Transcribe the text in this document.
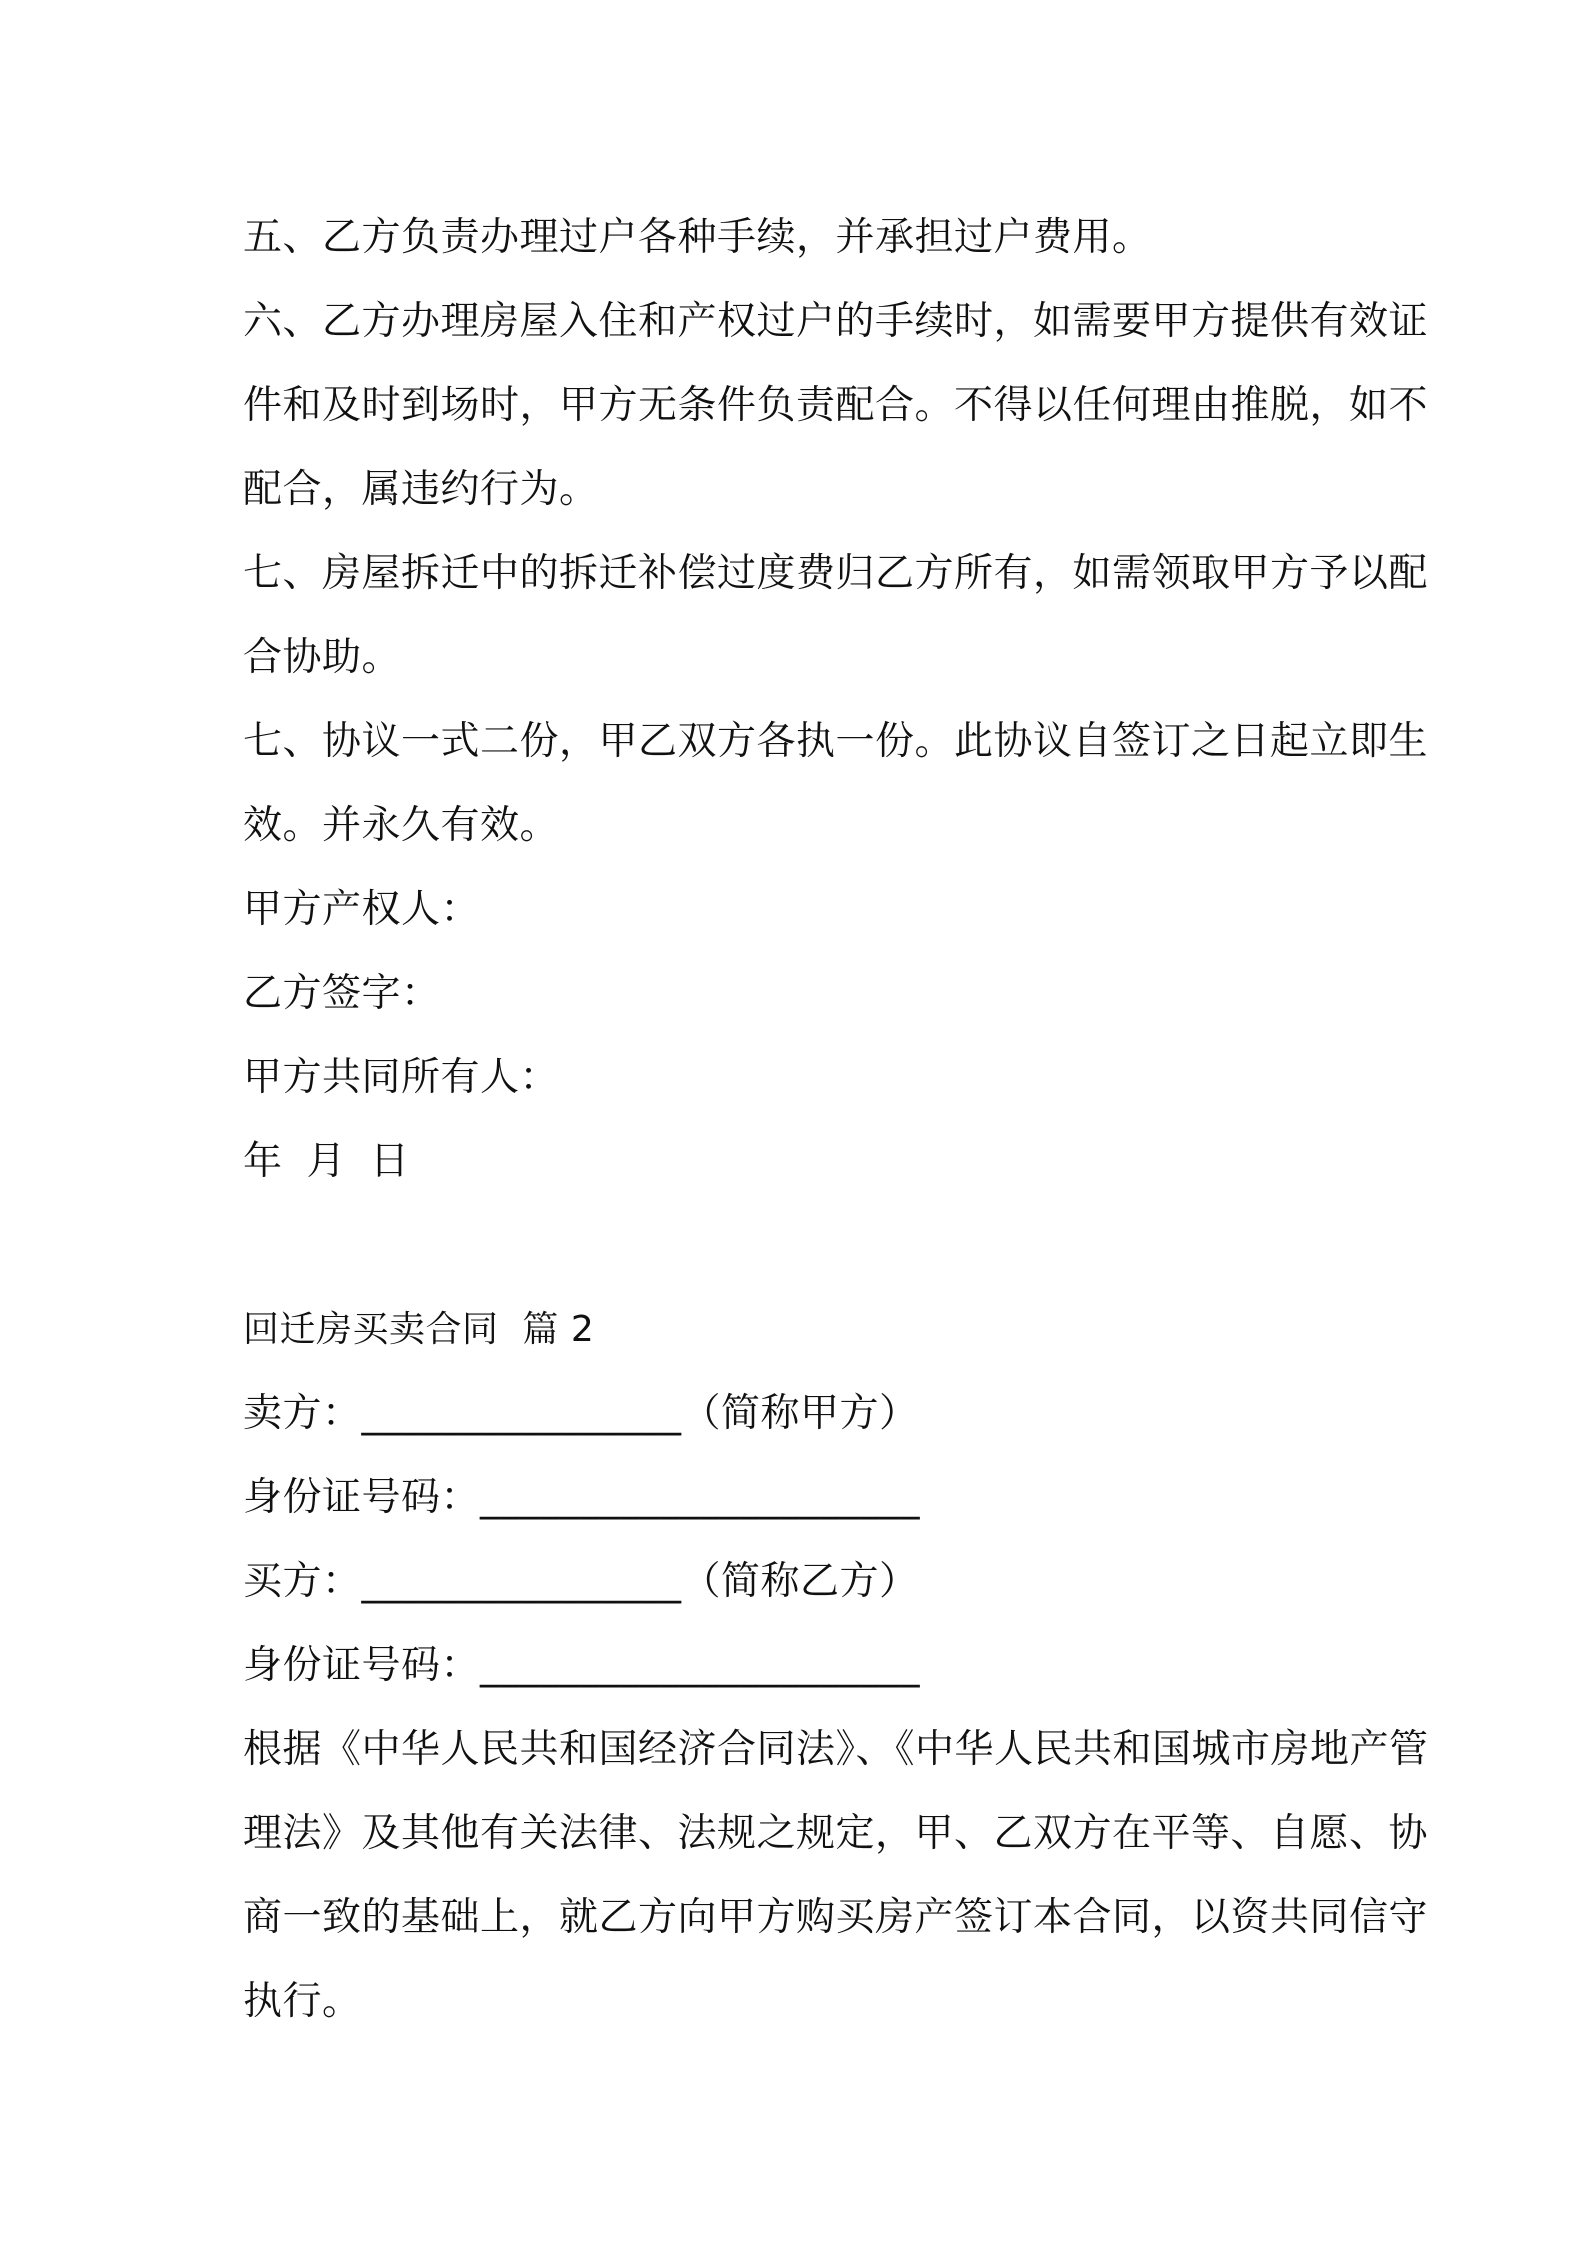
五、乙方负责办理过户各种手续，并承担过户费用。
六、乙方办理房屋入住和产权过户的手续时，如需要甲方提供有效证
件和及时到场时，甲方无条件负责配合。不得以任何理由推脱，如不
配合，属违约行为。
七、房屋拆迁中的拆迁补偿过度费归乙方所有，如需领取甲方予以配
合协助。
七、协议一式二份，甲乙双方各执一份。此协议自签订之日起立即生
效。并永久有效。
甲方产权人：
乙方签字：
甲方共同所有人：
年 月 日
回迁房买卖合同  篇 2
卖方：________________（简称甲方）
身份证号码：______________________
买方：________________（简称乙方）
身份证号码：______________________
根据《中华人民共和国经济合同法》、《中华人民共和国城市房地产管
理法》及其他有关法律、法规之规定，甲、乙双方在平等、自愿、协
商一致的基础上，就乙方向甲方购买房产签订本合同，以资共同信守
执行。
